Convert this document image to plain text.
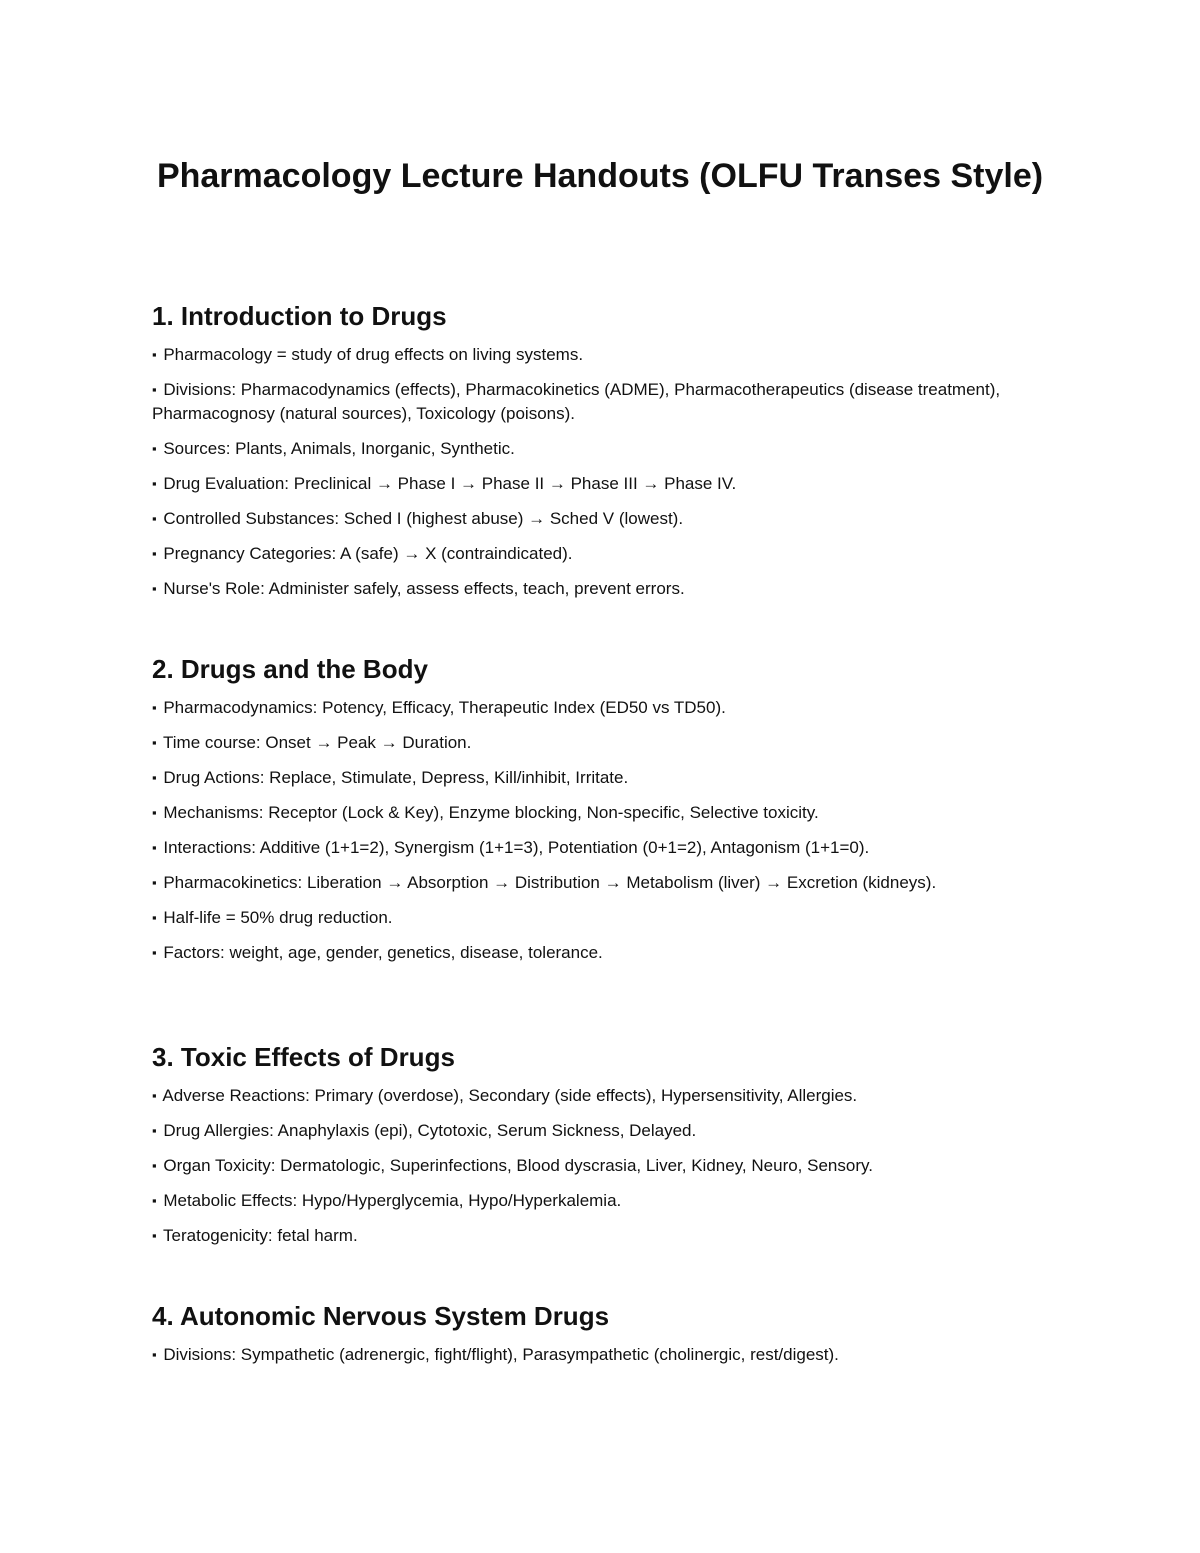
Pharmacology Lecture Handouts (OLFU Transes Style)
1. Introduction to Drugs
▪ Pharmacology = study of drug effects on living systems.
▪ Divisions: Pharmacodynamics (effects), Pharmacokinetics (ADME), Pharmacotherapeutics (disease treatment), Pharmacognosy (natural sources), Toxicology (poisons).
▪ Sources: Plants, Animals, Inorganic, Synthetic.
▪ Drug Evaluation: Preclinical → Phase I → Phase II → Phase III → Phase IV.
▪ Controlled Substances: Sched I (highest abuse) → Sched V (lowest).
▪ Pregnancy Categories: A (safe) → X (contraindicated).
▪ Nurse's Role: Administer safely, assess effects, teach, prevent errors.
2. Drugs and the Body
▪ Pharmacodynamics: Potency, Efficacy, Therapeutic Index (ED50 vs TD50).
▪ Time course: Onset → Peak → Duration.
▪ Drug Actions: Replace, Stimulate, Depress, Kill/inhibit, Irritate.
▪ Mechanisms: Receptor (Lock & Key), Enzyme blocking, Non-specific, Selective toxicity.
▪ Interactions: Additive (1+1=2), Synergism (1+1=3), Potentiation (0+1=2), Antagonism (1+1=0).
▪ Pharmacokinetics: Liberation → Absorption → Distribution → Metabolism (liver) → Excretion (kidneys).
▪ Half-life = 50% drug reduction.
▪ Factors: weight, age, gender, genetics, disease, tolerance.
3. Toxic Effects of Drugs
▪ Adverse Reactions: Primary (overdose), Secondary (side effects), Hypersensitivity, Allergies.
▪ Drug Allergies: Anaphylaxis (epi), Cytotoxic, Serum Sickness, Delayed.
▪ Organ Toxicity: Dermatologic, Superinfections, Blood dyscrasia, Liver, Kidney, Neuro, Sensory.
▪ Metabolic Effects: Hypo/Hyperglycemia, Hypo/Hyperkalemia.
▪ Teratogenicity: fetal harm.
4. Autonomic Nervous System Drugs
▪ Divisions: Sympathetic (adrenergic, fight/flight), Parasympathetic (cholinergic, rest/digest).
